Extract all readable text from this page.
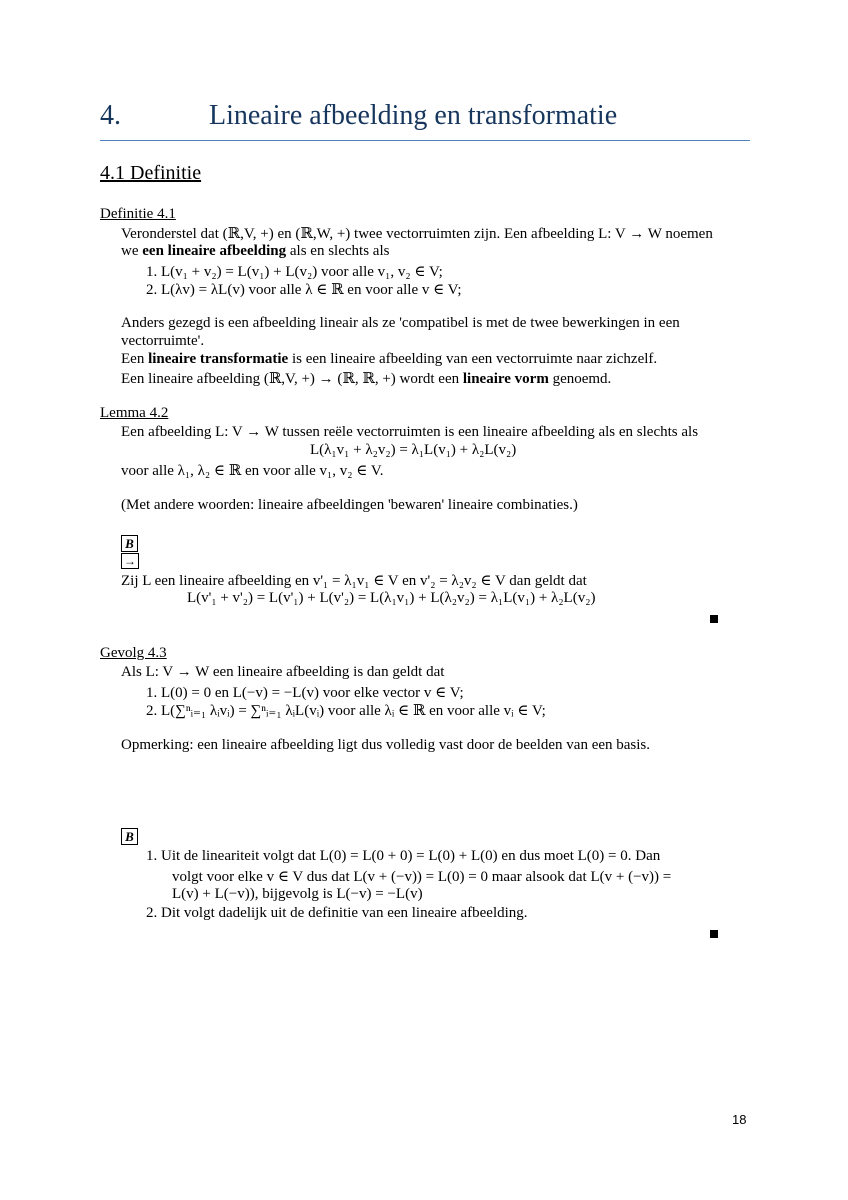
4.	Lineaire afbeelding en transformatie
4.1 Definitie
Definitie 4.1
Veronderstel dat (ℝ,V, +) en (ℝ,W, +) twee vectorruimten zijn. Een afbeelding L: V → W noemen
we een lineaire afbeelding als en slechts als
1. L(v₁ + v₂) = L(v₁) + L(v₂) voor alle v₁, v₂ ∈ V;
2. L(λv) = λL(v) voor alle λ ∈ ℝ en voor alle v ∈ V;
Anders gezegd is een afbeelding lineair als ze 'compatibel is met de twee bewerkingen in een
vectorruimte'.
Een lineaire transformatie is een lineaire afbeelding van een vectorruimte naar zichzelf.
Een lineaire afbeelding (ℝ,V, +) → (ℝ, ℝ, +) wordt een lineaire vorm genoemd.
Lemma 4.2
Een afbeelding L: V → W tussen reële vectorruimten is een lineaire afbeelding als en slechts als
L(λ₁v₁ + λ₂v₂) = λ₁L(v₁) + λ₂L(v₂)
voor alle λ₁, λ₂ ∈ ℝ en voor alle v₁, v₂ ∈ V.
(Met andere woorden: lineaire afbeeldingen 'bewaren' lineaire combinaties.)
B
→
Zij L een lineaire afbeelding en v'₁ = λ₁v₁ ∈ V en v'₂ = λ₂v₂ ∈ V dan geldt dat
L(v'₁ + v'₂) = L(v'₁) + L(v'₂) = L(λ₁v₁) + L(λ₂v₂) = λ₁L(v₁) + λ₂L(v₂)
Gevolg 4.3
Als L: V → W een lineaire afbeelding is dan geldt dat
1. L(0) = 0 en L(−v) = −L(v) voor elke vector v ∈ V;
2. L(∑ⁿᵢ₌₁ λᵢvᵢ) = ∑ⁿᵢ₌₁ λᵢL(vᵢ) voor alle λᵢ ∈ ℝ en voor alle vᵢ ∈ V;
Opmerking: een lineaire afbeelding ligt dus volledig vast door de beelden van een basis.
B
1. Uit de lineariteit volgt dat L(0) = L(0 + 0) = L(0) + L(0) en dus moet L(0) = 0. Dan
volgt voor elke v ∈ V dus dat L(v + (−v)) = L(0) = 0 maar alsook dat L(v + (−v)) =
L(v) + L(−v)), bijgevolg is L(−v) = −L(v)
2. Dit volgt dadelijk uit de definitie van een lineaire afbeelding.
18
